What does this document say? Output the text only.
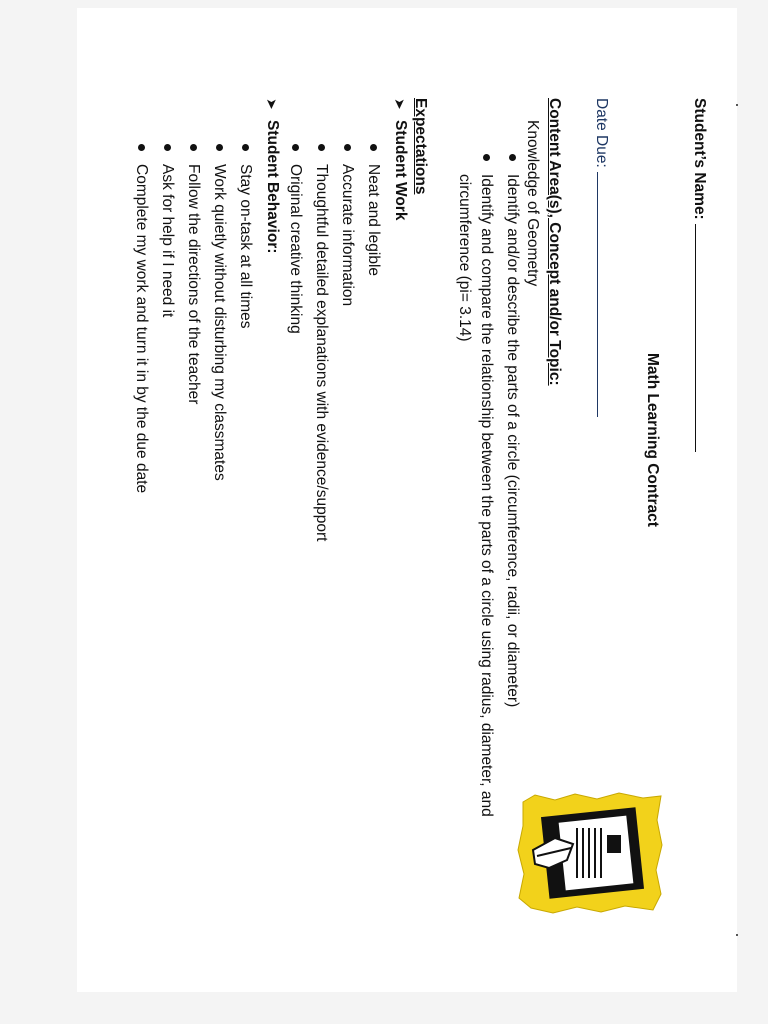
Student’s Name:
Math Learning Contract
Date Due:
Content Area(s), Concept and/or Topic:
Knowledge of Geometry
Identify and/or describe the parts of a circle (circumference, radii, or diameter)
Identify and compare the relationship between the parts of a circle using radius, diameter, and
circumference (pi= 3.14)
Expectations
➤
Student Work
Neat and legible
Accurate information
Thoughtful detailed explanations with evidence/support
Original creative thinking
➤
Student Behavior:
Stay on-task at all times
Work quietly without disturbing my classmates
Follow the directions of the teacher
Ask for help if I need it
Complete my work and turn it in by the due date
